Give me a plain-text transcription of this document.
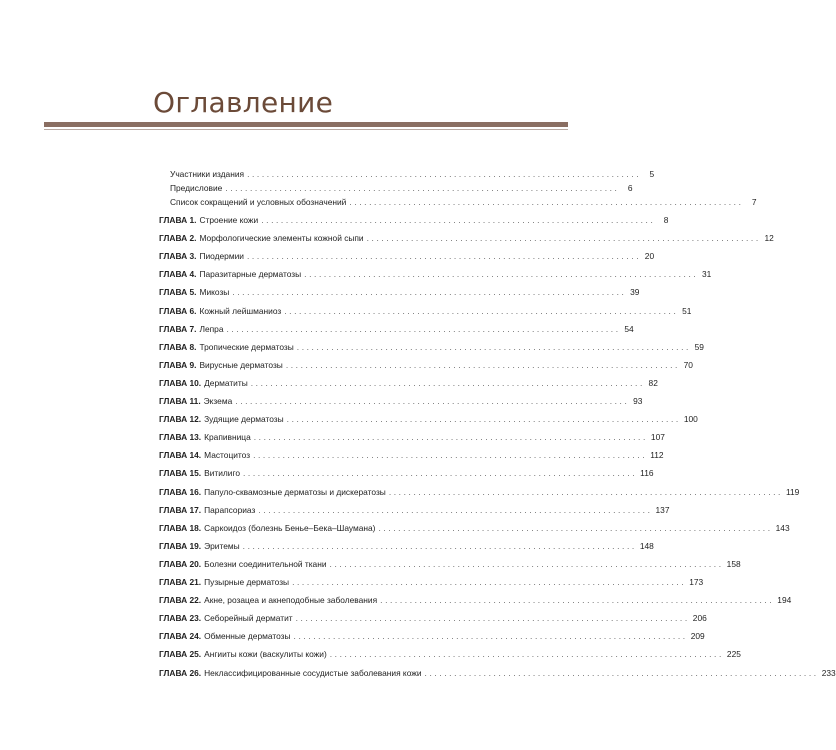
Оглавление
Участники издания ................................................................................ 5
Предисловие ................................................................................ 6
Список сокращений и условных обозначений ................................................................................ 7
ГЛАВА 1. Строение кожи ................................................................................ 8
ГЛАВА 2. Морфологические элементы кожной сыпи ................................................................................ 12
ГЛАВА 3. Пиодермии ................................................................................ 20
ГЛАВА 4. Паразитарные дерматозы ................................................................................ 31
ГЛАВА 5. Микозы ................................................................................ 39
ГЛАВА 6. Кожный лейшманиоз ................................................................................ 51
ГЛАВА 7. Лепра ................................................................................ 54
ГЛАВА 8. Тропические дерматозы ................................................................................ 59
ГЛАВА 9. Вирусные дерматозы ................................................................................ 70
ГЛАВА 10. Дерматиты ................................................................................ 82
ГЛАВА 11. Экзема ................................................................................ 93
ГЛАВА 12. Зудящие дерматозы ................................................................................ 100
ГЛАВА 13. Крапивница ................................................................................ 107
ГЛАВА 14. Мастоцитоз ................................................................................ 112
ГЛАВА 15. Витилиго ................................................................................ 116
ГЛАВА 16. Папуло-сквамозные дерматозы и дискератозы ................................................................................ 119
ГЛАВА 17. Парапсориаз ................................................................................ 137
ГЛАВА 18. Саркоидоз (болезнь Бенье–Бека–Шаумана) ................................................................................ 143
ГЛАВА 19. Эритемы ................................................................................ 148
ГЛАВА 20. Болезни соединительной ткани ................................................................................ 158
ГЛАВА 21. Пузырные дерматозы ................................................................................ 173
ГЛАВА 22. Акне, розацеа и акнеподобные заболевания ................................................................................ 194
ГЛАВА 23. Себорейный дерматит ................................................................................ 206
ГЛАВА 24. Обменные дерматозы ................................................................................ 209
ГЛАВА 25. Ангииты кожи (васкулиты кожи) ................................................................................ 225
ГЛАВА 26. Неклассифицированные сосудистые заболевания кожи ................................................................................ 233
